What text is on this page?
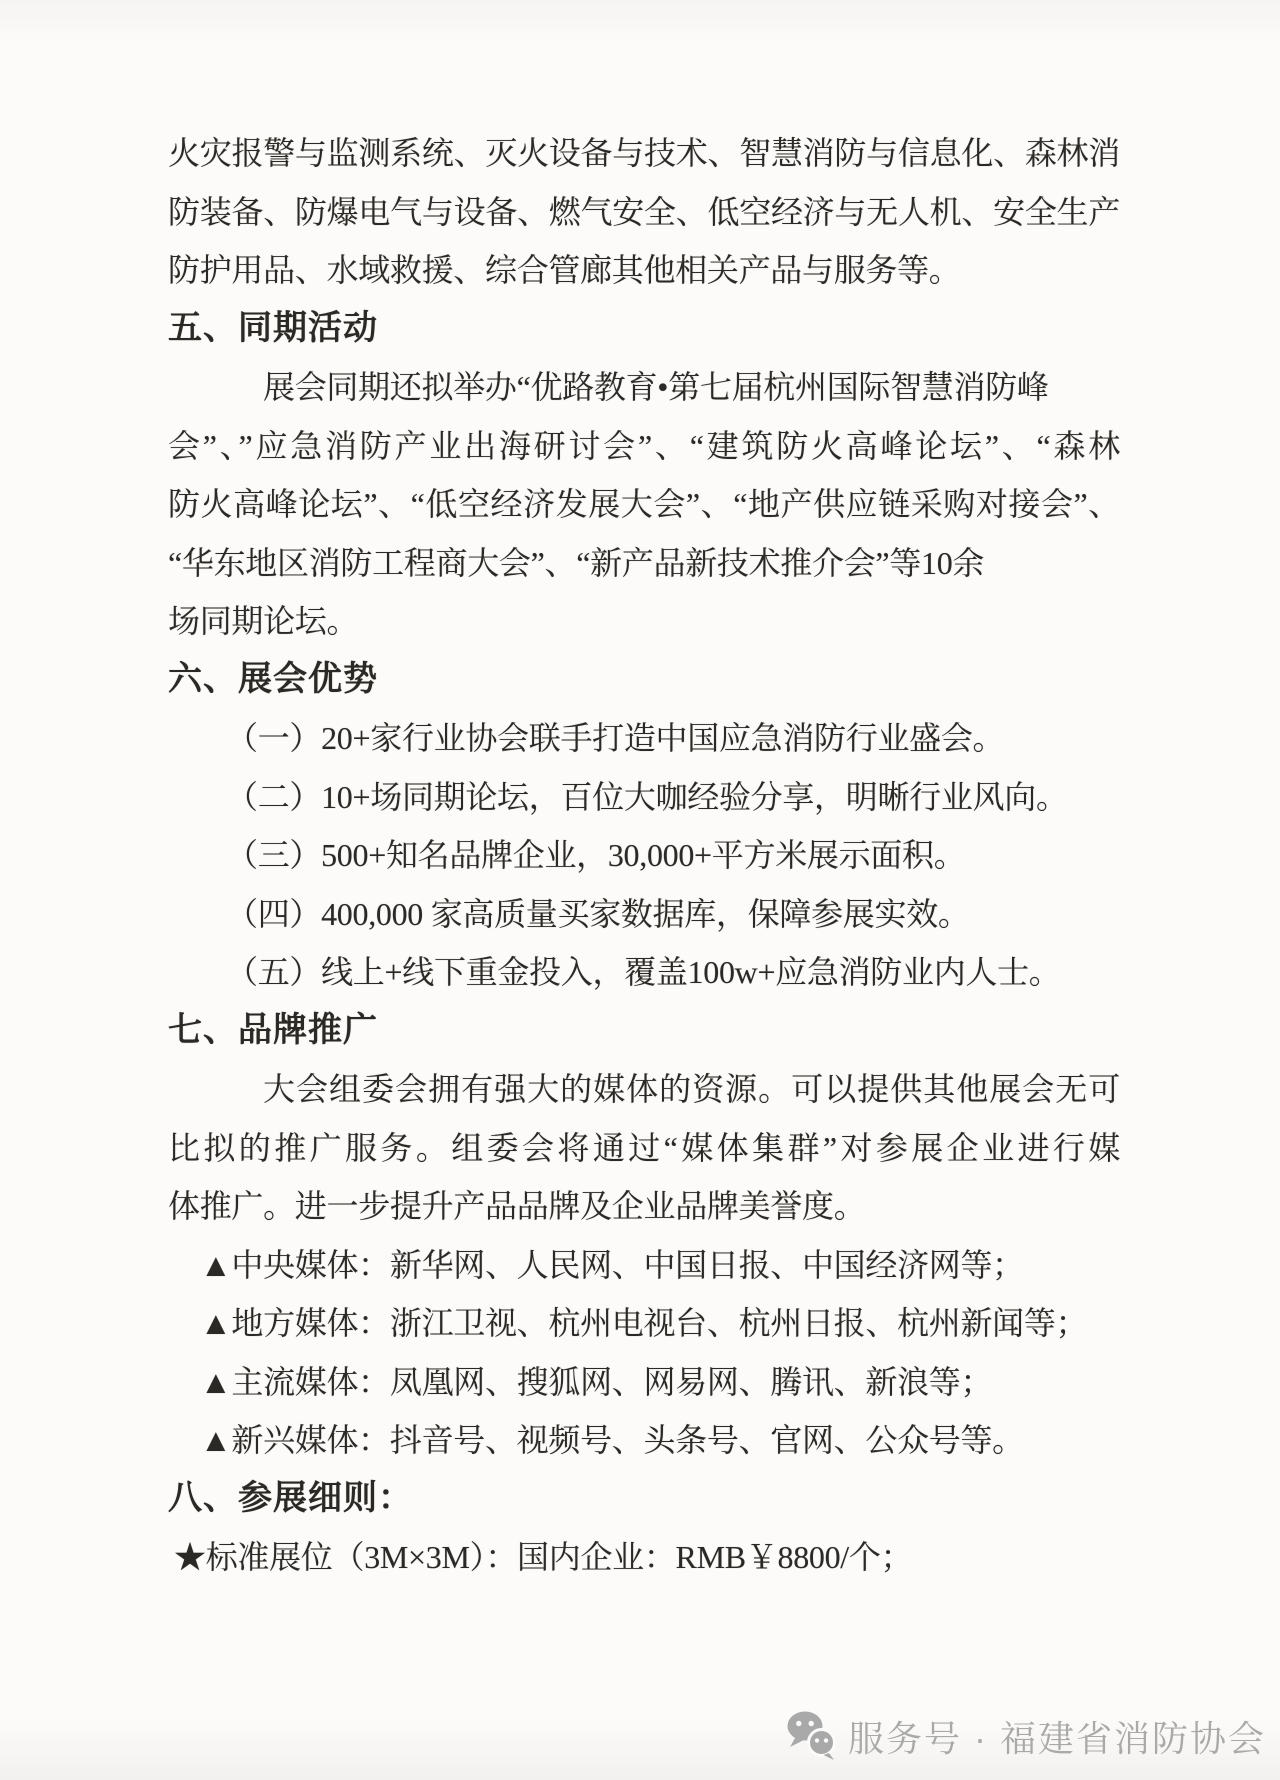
火灾报警与监测系统、灭火设备与技术、智慧消防与信息化、森林消

防装备、防爆电气与设备、燃气安全、低空经济与无人机、安全生产

防护用品、水域救援、综合管廊其他相关产品与服务等。

五、同期活动

展会同期还拟举办“优路教育•第七届杭州国际智慧消防峰

会”、”应急消防产业出海研讨会”、“建筑防火高峰论坛”、“森林

防火高峰论坛”、“低空经济发展大会”、“地产供应链采购对接会”、

“华东地区消防工程商大会”、“新产品新技术推介会”等10余

场同期论坛。

六、展会优势

（一）20+家行业协会联手打造中国应急消防行业盛会。

（二）10+场同期论坛，百位大咖经验分享，明晰行业风向。

（三）500+知名品牌企业，30,000+平方米展示面积。

（四）400,000 家高质量买家数据库，保障参展实效。

（五）线上+线下重金投入，覆盖100w+应急消防业内人士。

七、品牌推广

大会组委会拥有强大的媒体的资源。可以提供其他展会无可

比拟的推广服务。组委会将通过“媒体集群”对参展企业进行媒

体推广。进一步提升产品品牌及企业品牌美誉度。

▲中央媒体：新华网、人民网、中国日报、中国经济网等；

▲地方媒体：浙江卫视、杭州电视台、杭州日报、杭州新闻等；

▲主流媒体：凤凰网、搜狐网、网易网、腾讯、新浪等；

▲新兴媒体：抖音号、视频号、头条号、官网、公众号等。

八、参展细则：

★标准展位（3M×3M）：国内企业：RMB￥8800/个；

服务号 · 福建省消防协会
